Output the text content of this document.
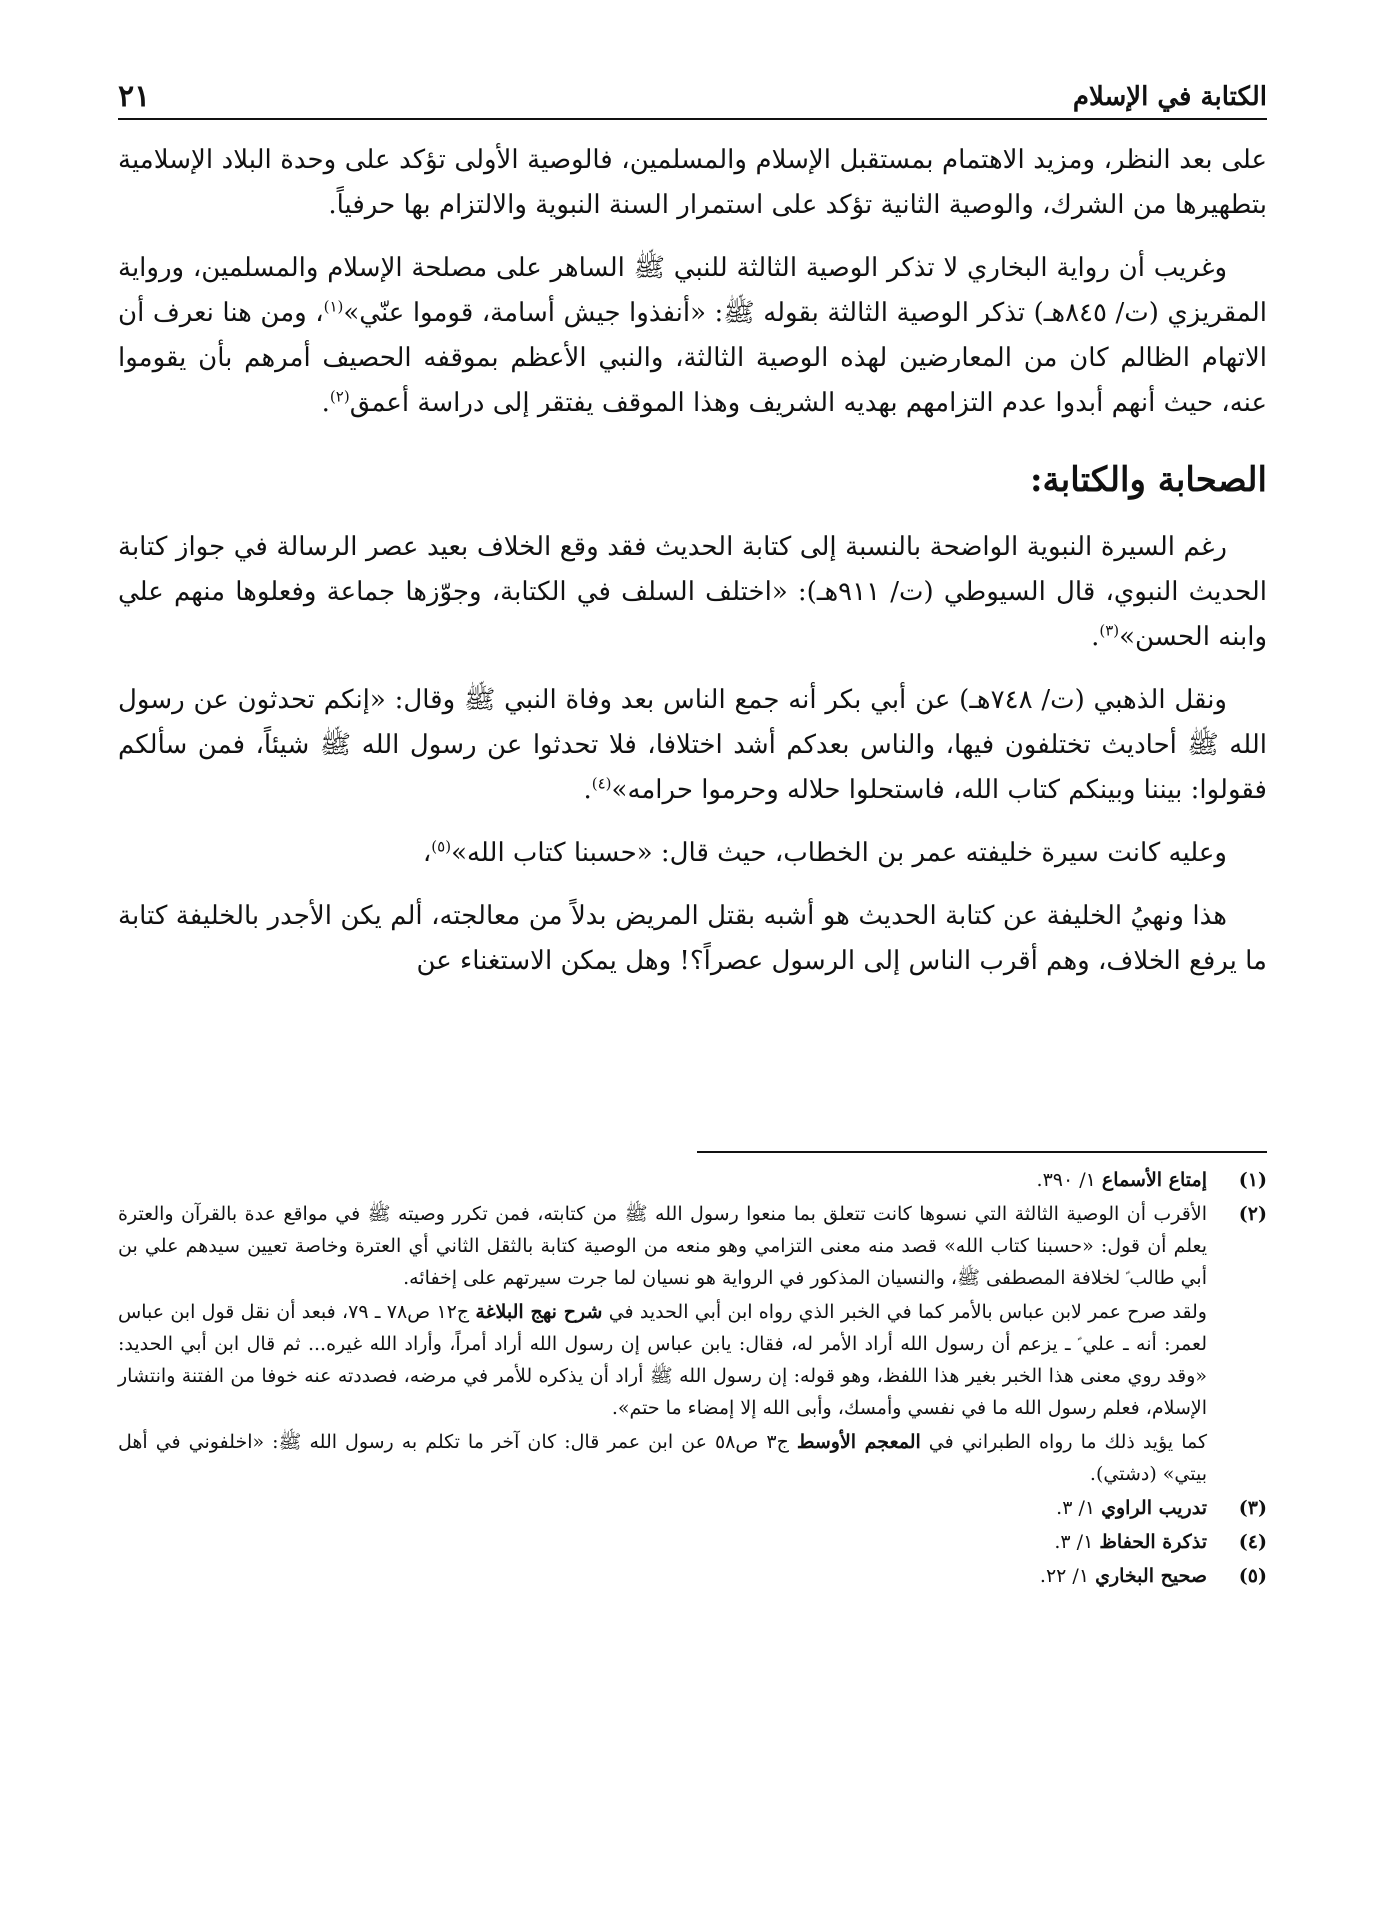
الكتابة في الإسلام
٢١

على بعد النظر، ومزيد الاهتمام بمستقبل الإسلام والمسلمين، فالوصية الأولى تؤكد على وحدة البلاد الإسلامية بتطهيرها من الشرك، والوصية الثانية تؤكد على استمرار السنة النبوية والالتزام بها حرفياً.

وغريب أن رواية البخاري لا تذكر الوصية الثالثة للنبي ﷺ الساهر على مصلحة الإسلام والمسلمين، ورواية المقريزي (ت/ ٨٤٥هـ) تذكر الوصية الثالثة بقوله ﷺ: «أنفذوا جيش أسامة، قوموا عنّي»$^{(١)}$، ومن هنا نعرف أن الاتهام الظالم كان من المعارضين لهذه الوصية الثالثة، والنبي الأعظم بموقفه الحصيف أمرهم بأن يقوموا عنه، حيث أنهم أبدوا عدم التزامهم بهديه الشريف وهذا الموقف يفتقر إلى دراسة أعمق$^{(٢)}$.

الصحابة والكتابة:

رغم السيرة النبوية الواضحة بالنسبة إلى كتابة الحديث فقد وقع الخلاف بعيد عصر الرسالة في جواز كتابة الحديث النبوي، قال السيوطي (ت/ ٩١١هـ): «اختلف السلف في الكتابة، وجوّزها جماعة وفعلوها منهم علي وابنه الحسن»$^{(٣)}$.

ونقل الذهبي (ت/ ٧٤٨هـ) عن أبي بكر أنه جمع الناس بعد وفاة النبي ﷺ وقال: «إنكم تحدثون عن رسول الله ﷺ أحاديث تختلفون فيها، والناس بعدكم أشد اختلافا، فلا تحدثوا عن رسول الله ﷺ شيئاً، فمن سألكم فقولوا: بيننا وبينكم كتاب الله، فاستحلوا حلاله وحرموا حرامه»$^{(٤)}$.

وعليه كانت سيرة خليفته عمر بن الخطاب، حيث قال: «حسبنا كتاب الله»$^{(٥)}$،

هذا ونهيُ الخليفة عن كتابة الحديث هو أشبه بقتل المريض بدلاً من معالجته، ألم يكن الأجدر بالخليفة كتابة ما يرفع الخلاف، وهم أقرب الناس إلى الرسول عصراً؟! وهل يمكن الاستغناء عن

(١)
إمتاع الأسماع ١/ ٣٩٠.
(٢)
الأقرب أن الوصية الثالثة التي نسوها كانت تتعلق بما منعوا رسول الله ﷺ من كتابته، فمن تكرر وصيته ﷺ في مواقع عدة بالقرآن والعترة يعلم أن قول: «حسبنا كتاب الله» قصد منه معنى التزامي وهو منعه من الوصية كتابة بالثقل الثاني أي العترة وخاصة تعيين سيدهم علي بن أبي طالب ؑ لخلافة المصطفى ﷺ، والنسيان المذكور في الرواية هو نسيان لما جرت سيرتهم على إخفائه.
ولقد صرح عمر لابن عباس بالأمر كما في الخبر الذي رواه ابن أبي الحديد في شرح نهج البلاغة ج١٢ ص٧٨ ـ ٧٩، فبعد أن نقل قول ابن عباس لعمر: أنه ـ علي ؑ ـ يزعم أن رسول الله أراد الأمر له، فقال: يابن عباس إن رسول الله أراد أمراً، وأراد الله غيره... ثم قال ابن أبي الحديد: «وقد روي معنى هذا الخبر بغير هذا اللفظ، وهو قوله: إن رسول الله ﷺ أراد أن يذكره للأمر في مرضه، فصددته عنه خوفا من الفتنة وانتشار الإسلام، فعلم رسول الله ما في نفسي وأمسك، وأبى الله إلا إمضاء ما حتم».
كما يؤيد ذلك ما رواه الطبراني في المعجم الأوسط ج٣ ص٥٨ عن ابن عمر قال: كان آخر ما تكلم به رسول الله ﷺ: «اخلفوني في أهل بيتي» (دشتي).
(٣)
تدريب الراوي ١/ ٣.
(٤)
تذكرة الحفاظ ١/ ٣.
(٥)
صحيح البخاري ١/ ٢٢.
